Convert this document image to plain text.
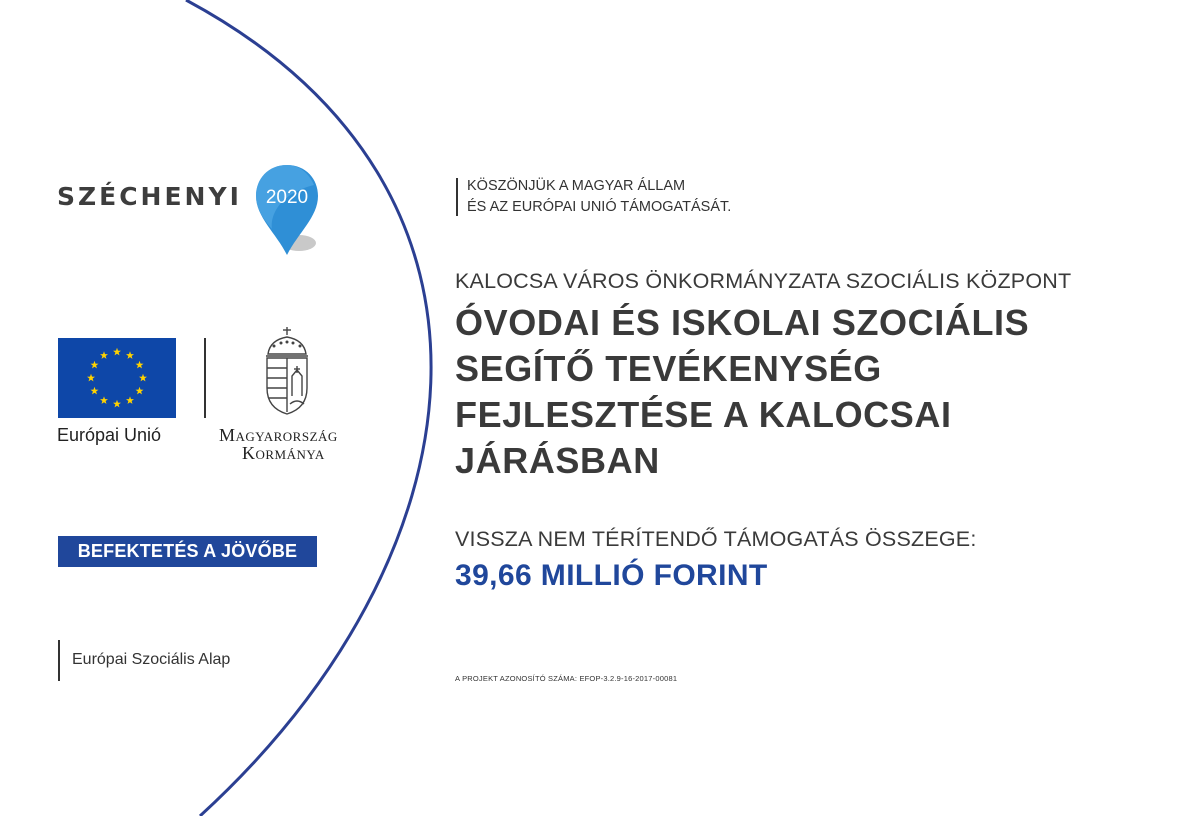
SZÉCHENYI 2020
Európai Unió	Magyarország
Kormánya
BEFEKTETÉS A JÖVŐBE
Európai Szociális Alap
KÖSZÖNJÜK A MAGYAR ÁLLAM
ÉS AZ EURÓPAI UNIÓ TÁMOGATÁSÁT.
KALOCSA VÁROS ÖNKORMÁNYZATA SZOCIÁLIS KÖZPONT
ÓVODAI ÉS ISKOLAI SZOCIÁLIS
SEGÍTŐ TEVÉKENYSÉG
FEJLESZTÉSE A KALOCSAI
JÁRÁSBAN
VISSZA NEM TÉRÍTENDŐ TÁMOGATÁS ÖSSZEGE:
39,66 MILLIÓ FORINT
A PROJEKT AZONOSÍTÓ SZÁMA: EFOP-3.2.9-16-2017-00081
